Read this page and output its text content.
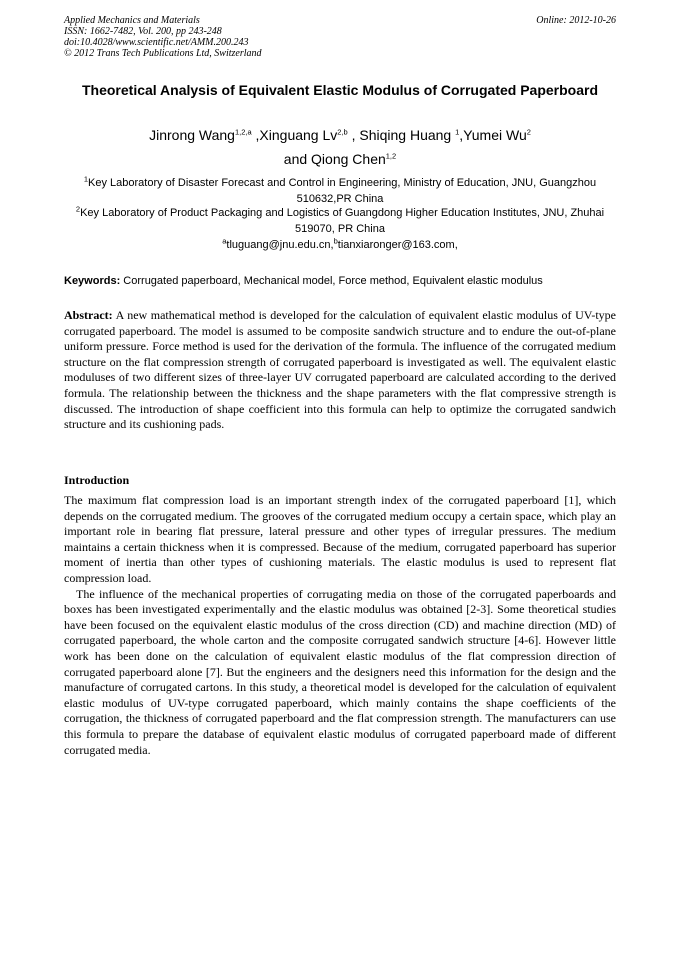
Applied Mechanics and Materials
ISSN: 1662-7482, Vol. 200, pp 243-248
doi:10.4028/www.scientific.net/AMM.200.243
© 2012 Trans Tech Publications Ltd, Switzerland
Online: 2012-10-26
Theoretical Analysis of Equivalent Elastic Modulus of Corrugated Paperboard
Jinrong Wang$^{1,2,a}$ ,Xinguang Lv$^{2,b}$ , Shiqing Huang $^1$,Yumei Wu$^2$
and Qiong Chen$^{1,2}$
$^1$Key Laboratory of Disaster Forecast and Control in Engineering, Ministry of Education, JNU, Guangzhou 510632,PR China
$^2$Key Laboratory of Product Packaging and Logistics of Guangdong Higher Education Institutes, JNU, Zhuhai 519070, PR China
$^a$tluguang@jnu.edu.cn,$^b$tianxiaronger@163.com,
Keywords: Corrugated paperboard, Mechanical model, Force method, Equivalent elastic modulus

Abstract: A new mathematical method is developed for the calculation of equivalent elastic modulus of UV-type corrugated paperboard. The model is assumed to be composite sandwich structure and to endure the out-of-plane uniform pressure. Force method is used for the derivation of the formula. The influence of the corrugated medium structure on the flat compression strength of corrugated paperboard is investigated as well. The equivalent elastic moduluses of two different sizes of three-layer UV corrugated paperboard are calculated according to the derived formula. The relationship between the thickness and the shape parameters with the flat compressive strength is discussed. The introduction of shape coefficient into this formula can help to optimize the corrugated sandwich structure and its cushioning pads.

Introduction

The maximum flat compression load is an important strength index of the corrugated paperboard [1], which depends on the corrugated medium. The grooves of the corrugated medium occupy a certain space, which play an important role in bearing flat pressure, lateral pressure and other types of irregular pressures. The medium maintains a certain thickness when it is compressed. Because of the medium, corrugated paperboard has superior moment of inertia than other types of cushioning materials. The elastic modulus is used to represent flat compression load.

The influence of the mechanical properties of corrugating media on those of the corrugated paperboards and boxes has been investigated experimentally and the elastic modulus was obtained [2-3]. Some theoretical studies have been focused on the equivalent elastic modulus of the cross direction (CD) and machine direction (MD) of corrugated paperboard, the whole carton and the composite corrugated sandwich structure [4-6]. However little work has been done on the calculation of equivalent elastic modulus of the flat compression direction of corrugated paperboard alone [7]. But the engineers and the designers need this information for the design and the manufacture of corrugated cartons. In this study, a theoretical model is developed for the calculation of equivalent elastic modulus of UV-type corrugated paperboard, which mainly contains the shape coefficients of the corrugation, the thickness of corrugated paperboard and the flat compression strength. The manufacturers can use this formula to prepare the database of equivalent elastic modulus of corrugated paperboard made of different corrugated media.
